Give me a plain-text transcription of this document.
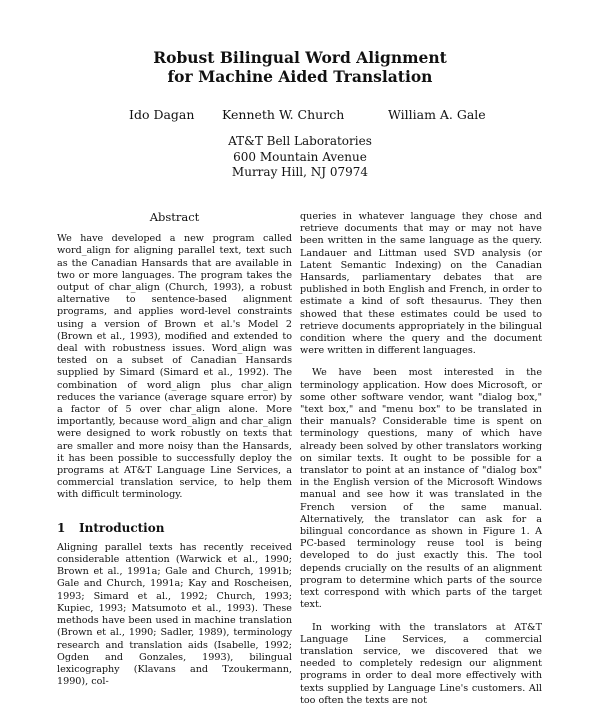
Robust Bilingual Word Alignment
for Machine Aided Translation
Ido Dagan Kenneth W. Church	William A. Gale
AT&T Bell Laboratories
600 Mountain Avenue
Murray Hill, NJ 07974
Abstract

We have developed a new program called word_align for aligning parallel text, text such as the Canadian Hansards that are available in two or more languages. The program takes the output of char_align (Church, 1993), a robust alternative to sentence-based alignment programs, and applies word-level constraints using a version of Brown et al.'s Model 2 (Brown et al., 1993), modified and extended to deal with robustness issues. Word_align was tested on a subset of Canadian Hansards supplied by Simard (Simard et al., 1992). The combination of word_align plus char_align reduces the variance (average square error) by a factor of 5 over char_align alone. More importantly, because word_align and char_align were designed to work robustly on texts that are smaller and more noisy than the Hansards, it has been possible to successfully deploy the programs at AT&T Language Line Services, a commercial translation service, to help them with difficult terminology.

1 Introduction

Aligning parallel texts has recently received considerable attention (Warwick et al., 1990; Brown et al., 1991a; Gale and Church, 1991b; Gale and Church, 1991a; Kay and Roscheisen, 1993; Simard et al., 1992; Church, 1993; Kupiec, 1993; Matsumoto et al., 1993). These methods have been used in machine translation (Brown et al., 1990; Sadler, 1989), terminology research and translation aids (Isabelle, 1992; Ogden and Gonzales, 1993), bilingual lexicography (Klavans and Tzoukermann, 1990), col-

queries in whatever language they chose and retrieve documents that may or may not have been written in the same language as the query. Landauer and Littman used SVD analysis (or Latent Semantic Indexing) on the Canadian Hansards, parliamentary debates that are published in both English and French, in order to estimate a kind of soft thesaurus. They then showed that these estimates could be used to retrieve documents appropriately in the bilingual condition where the query and the document were written in different languages.

We have been most interested in the terminology application. How does Microsoft, or some other software vendor, want "dialog box," "text box," and "menu box" to be translated in their manuals? Considerable time is spent on terminology questions, many of which have already been solved by other translators working on similar texts. It ought to be possible for a translator to point at an instance of "dialog box" in the English version of the Microsoft Windows manual and see how it was translated in the French version of the same manual. Alternatively, the translator can ask for a bilingual concordance as shown in Figure 1. A PC-based terminology reuse tool is being developed to do just exactly this. The tool depends crucially on the results of an alignment program to determine which parts of the source text correspond with which parts of the target text.

In working with the translators at AT&T Language Line Services, a commercial translation service, we discovered that we needed to completely redesign our alignment programs in order to deal more effectively with texts supplied by Language Line's customers. All too often the texts are not
